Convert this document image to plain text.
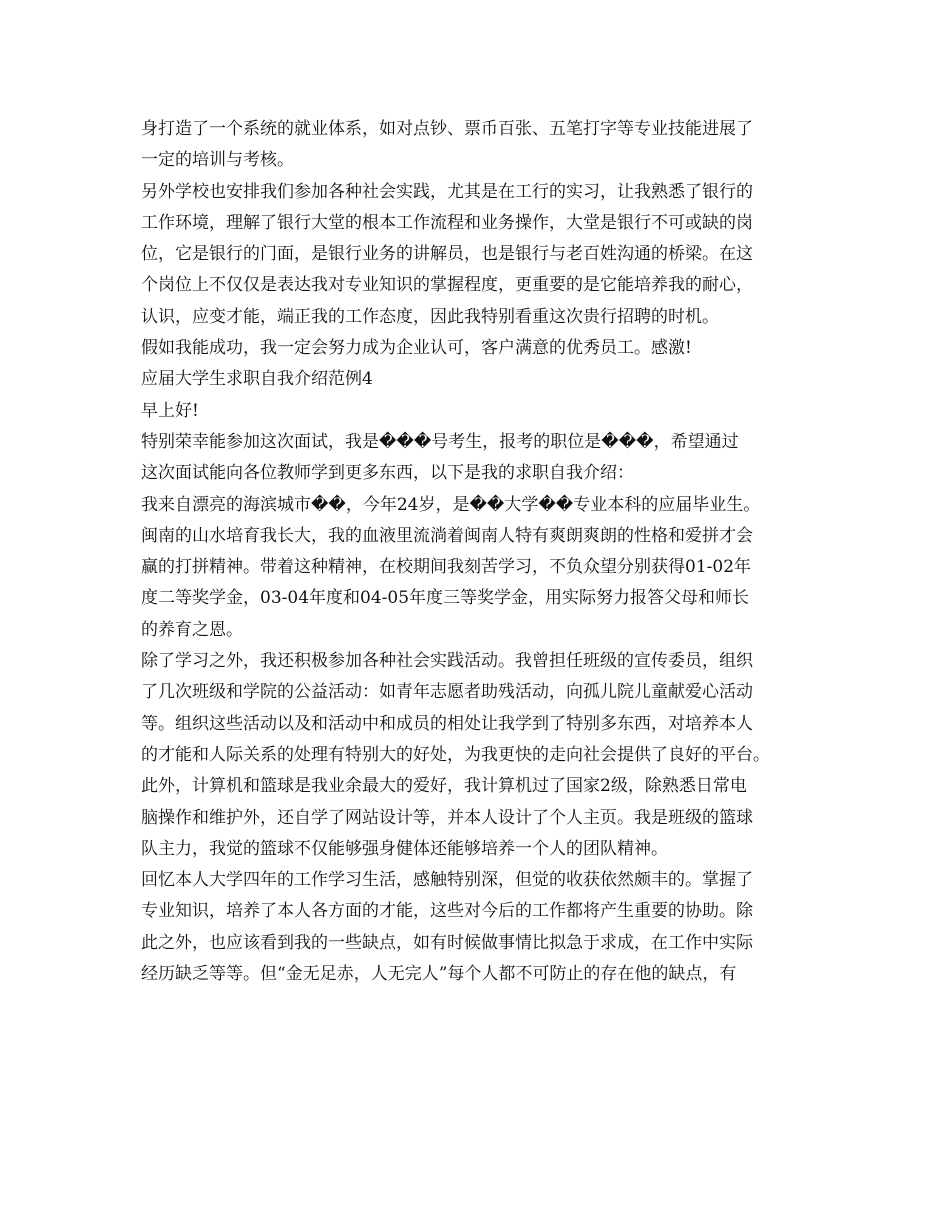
身打造了一个系统的就业体系，如对点钞、票币百张、五笔打字等专业技能进展了
一定的培训与考核。
另外学校也安排我们参加各种社会实践，尤其是在工行的实习，让我熟悉了银行的
工作环境，理解了银行大堂的根本工作流程和业务操作，大堂是银行不可或缺的岗
位，它是银行的门面，是银行业务的讲解员，也是银行与老百姓沟通的桥梁。在这
个岗位上不仅仅是表达我对专业知识的掌握程度，更重要的是它能培养我的耐心，
认识，应变才能，端正我的工作态度，因此我特别看重这次贵行招聘的时机。
假如我能成功，我一定会努力成为企业认可，客户满意的优秀员工。感激!
应届大学生求职自我介绍范例4
早上好!
特别荣幸能参加这次面试，我是���号考生，报考的职位是���，希望通过
这次面试能向各位教师学到更多东西，以下是我的求职自我介绍：
我来自漂亮的海滨城市��，今年24岁，是��大学��专业本科的应届毕业生。
闽南的山水培育我长大，我的血液里流淌着闽南人特有爽朗爽朗的性格和爱拼才会
赢的打拼精神。带着这种精神，在校期间我刻苦学习，不负众望分别获得01-02年
度二等奖学金，03-04年度和04-05年度三等奖学金，用实际努力报答父母和师长
的养育之恩。
除了学习之外，我还积极参加各种社会实践活动。我曾担任班级的宣传委员，组织
了几次班级和学院的公益活动：如青年志愿者助残活动，向孤儿院儿童献爱心活动
等。组织这些活动以及和活动中和成员的相处让我学到了特别多东西，对培养本人
的才能和人际关系的处理有特别大的好处，为我更快的走向社会提供了良好的平台。
此外，计算机和篮球是我业余最大的爱好，我计算机过了国家2级，除熟悉日常电
脑操作和维护外，还自学了网站设计等，并本人设计了个人主页。我是班级的篮球
队主力，我觉的篮球不仅能够强身健体还能够培养一个人的团队精神。
回忆本人大学四年的工作学习生活，感触特别深，但觉的收获依然颇丰的。掌握了
专业知识，培养了本人各方面的才能，这些对今后的工作都将产生重要的协助。除
此之外，也应该看到我的一些缺点，如有时候做事情比拟急于求成，在工作中实际
经历缺乏等等。但“金无足赤，人无完人”每个人都不可防止的存在他的缺点，有
